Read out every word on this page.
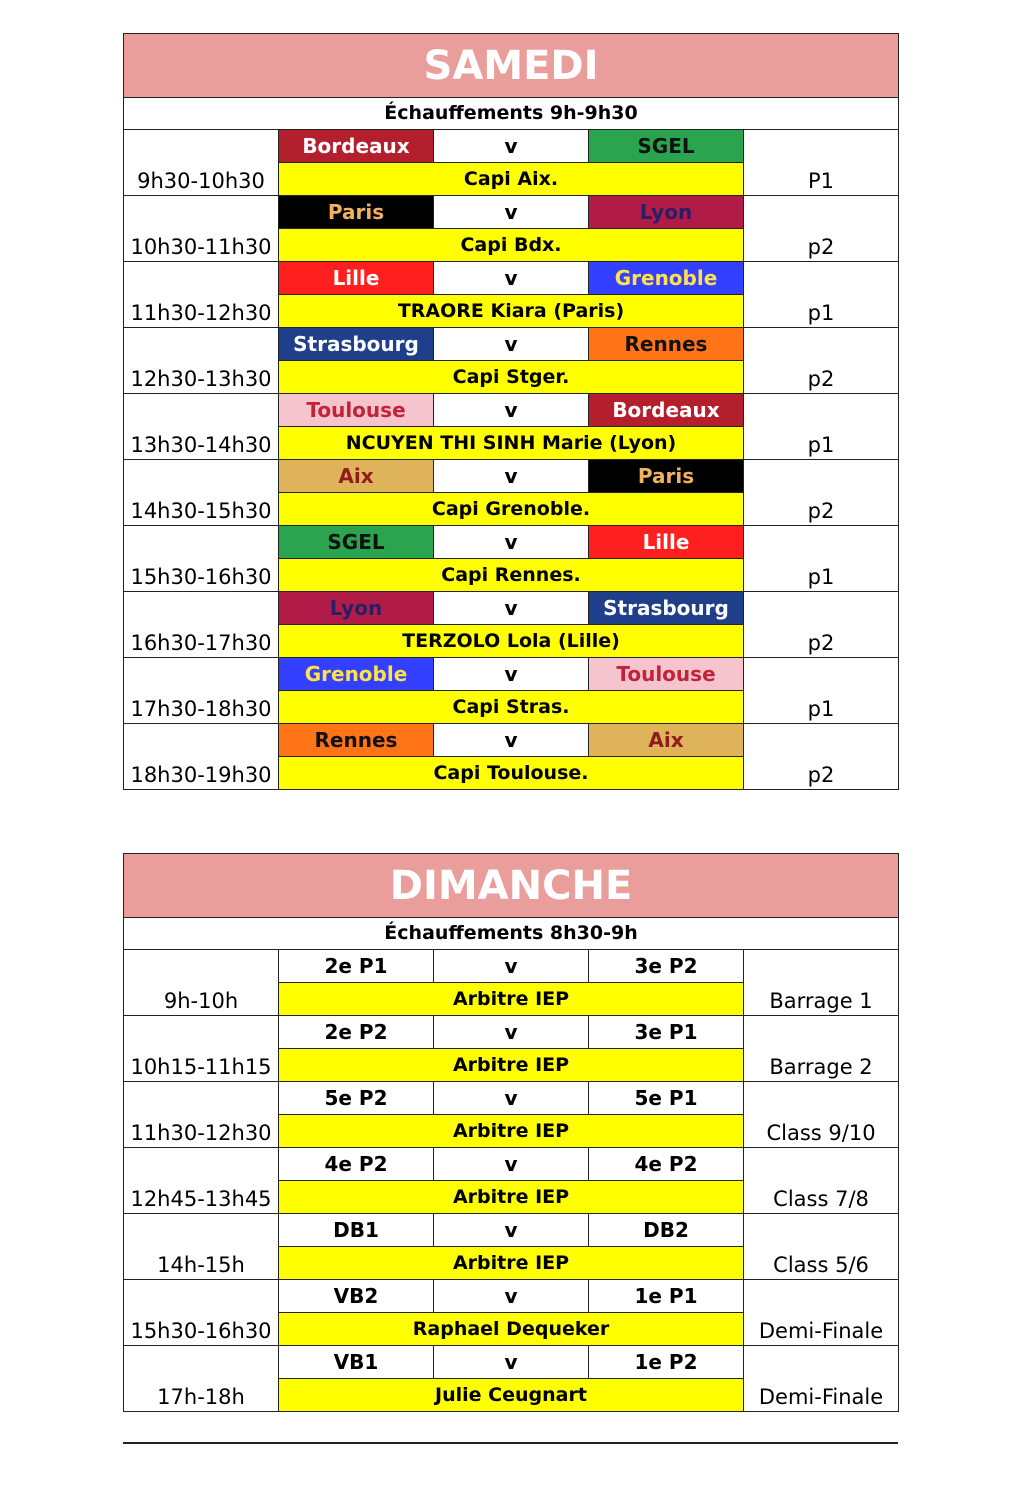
SAMEDI				
Échauffements 9h-9h30				
9h30-10h30	Bordeaux	v	SGEL	P1
	Capi Aix.			
10h30-11h30	Paris	v	Lyon	p2
	Capi Bdx.			
11h30-12h30	Lille	v	Grenoble	p1
	TRAORE Kiara (Paris)			
12h30-13h30	Strasbourg	v	Rennes	p2
	Capi Stger.			
13h30-14h30	Toulouse	v	Bordeaux	p1
	NCUYEN THI SINH Marie (Lyon)			
14h30-15h30	Aix	v	Paris	p2
	Capi Grenoble.			
15h30-16h30	SGEL	v	Lille	p1
	Capi Rennes.			
16h30-17h30	Lyon	v	Strasbourg	p2
	TERZOLO Lola (Lille)			
17h30-18h30	Grenoble	v	Toulouse	p1
	Capi Stras.			
18h30-19h30	Rennes	v	Aix	p2
	Capi Toulouse.			
DIMANCHE				
Échauffements 8h30-9h				
9h-10h	2e P1	v	3e P2	Barrage 1
	Arbitre IEP			
10h15-11h15	2e P2	v	3e P1	Barrage 2
	Arbitre IEP			
11h30-12h30	5e P2	v	5e P1	Class 9/10
	Arbitre IEP			
12h45-13h45	4e P2	v	4e P2	Class 7/8
	Arbitre IEP			
14h-15h	DB1	v	DB2	Class 5/6
	Arbitre IEP			
15h30-16h30	VB2	v	1e P1	Demi-Finale
	Raphael Dequeker			
17h-18h	VB1	v	1e P2	Demi-Finale
	Julie Ceugnart			
